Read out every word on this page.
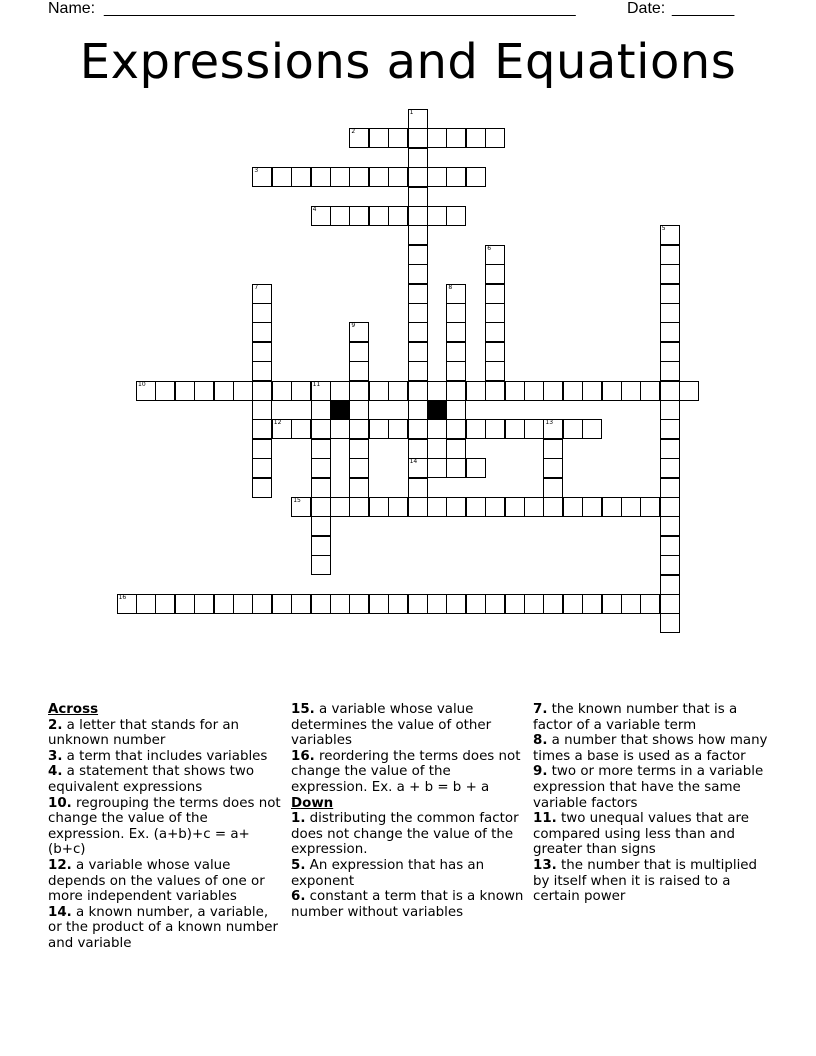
Name: _____________________________________________________	Date: _______
Expressions and Equations
1
14
2
3
4
5
6
7	8
9
10	11
12	13
15
16
Across

2. a letter that stands for an unknown number

3. a term that includes variables

4. a statement that shows two equivalent expressions

10. regrouping the terms does not change the value of the expression. Ex. (a+b)+c = a+(b+c)

12. a variable whose value depends on the values of one or more independent variables

14. a known number, a variable, or the product of a known number and variable

15. a variable whose value determines the value of other variables

16. reordering the terms does not change the value of the expression. Ex. a + b = b + a

Down

1. distributing the common factor does not change the value of the expression.

5. An expression that has an exponent

6. constant a term that is a known number without variables

7. the known number that is a factor of a variable term

8. a number that shows how many times a base is used as a factor

9. two or more terms in a variable expression that have the same variable factors

11. two unequal values that are compared using less than and greater than signs

13. the number that is multiplied by itself when it is raised to a certain power
